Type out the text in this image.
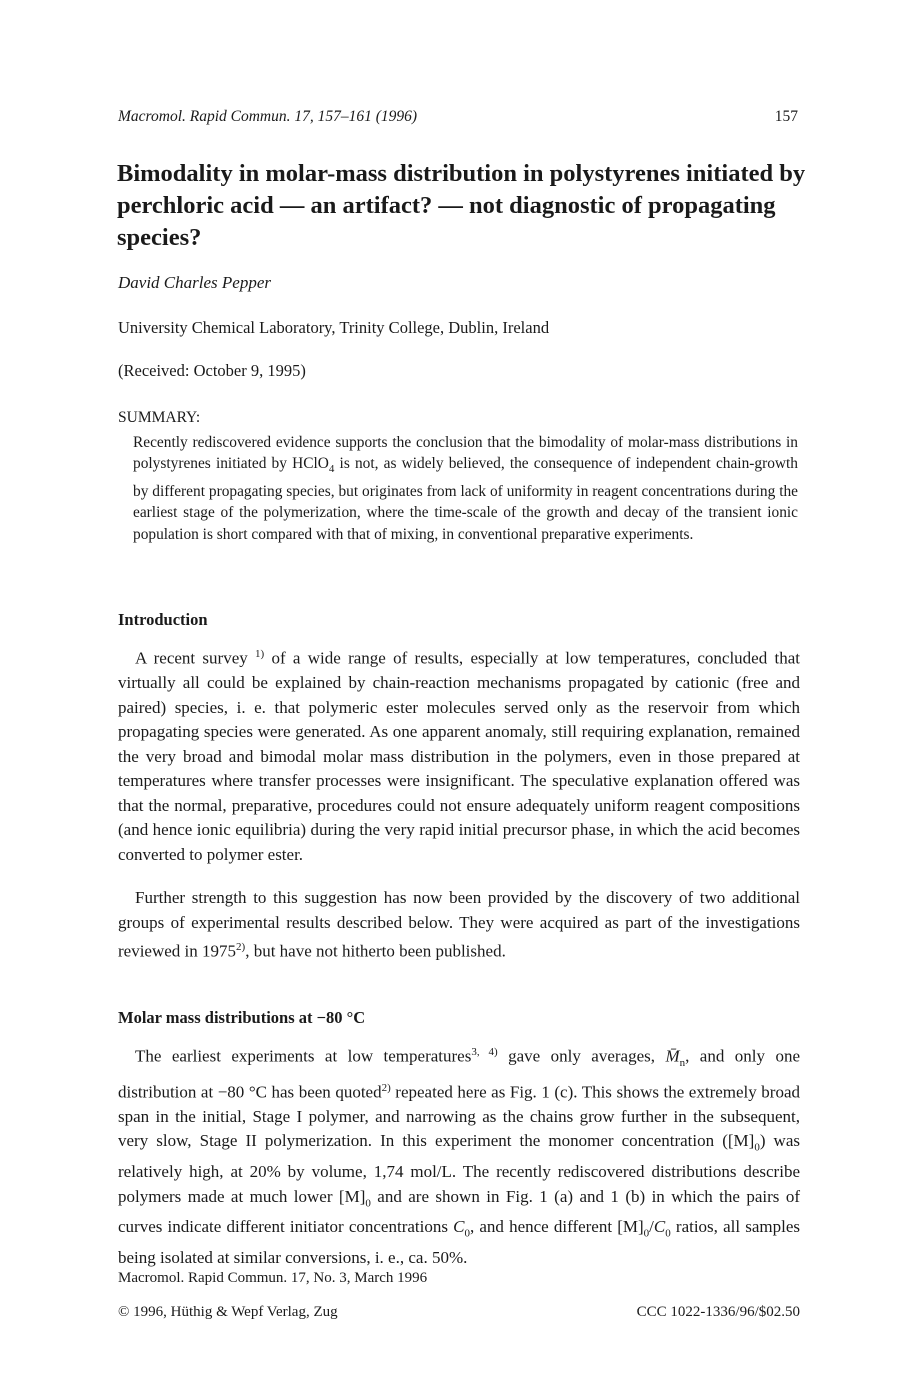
Macromol. Rapid Commun. 17, 157–161 (1996)	157
Bimodality in molar-mass distribution in polystyrenes initiated by perchloric acid — an artifact? — not diagnostic of propagating species?
David Charles Pepper
University Chemical Laboratory, Trinity College, Dublin, Ireland
(Received: October 9, 1995)
SUMMARY:
Recently rediscovered evidence supports the conclusion that the bimodality of molar-mass distributions in polystyrenes initiated by HClO$_4$ is not, as widely believed, the consequence of independent chain-growth by different propagating species, but originates from lack of uniformity in reagent concentrations during the earliest stage of the polymerization, where the time-scale of the growth and decay of the transient ionic population is short compared with that of mixing, in conventional preparative experiments.
Introduction
A recent survey $^{1)}$ of a wide range of results, especially at low temperatures, concluded that virtually all could be explained by chain-reaction mechanisms propagated by cationic (free and paired) species, i. e. that polymeric ester molecules served only as the reservoir from which propagating species were generated. As one apparent anomaly, still requiring explanation, remained the very broad and bimodal molar mass distribution in the polymers, even in those prepared at temperatures where transfer processes were insignificant. The speculative explanation offered was that the normal, preparative, procedures could not ensure adequately uniform reagent compositions (and hence ionic equilibria) during the very rapid initial precursor phase, in which the acid becomes converted to polymer ester.
Further strength to this suggestion has now been provided by the discovery of two additional groups of experimental results described below. They were acquired as part of the investigations reviewed in 1975$^{2)}$, but have not hitherto been published.
Molar mass distributions at −80 °C
The earliest experiments at low temperatures$^{3, 4)}$ gave only averages, $M̄_n$, and only one distribution at −80 °C has been quoted$^{2)}$ repeated here as Fig. 1 (c). This shows the extremely broad span in the initial, Stage I polymer, and narrowing as the chains grow further in the subsequent, very slow, Stage II polymerization. In this experiment the monomer concentration $([M]_0)$ was relatively high, at 20% by volume, 1,74 mol/L. The recently rediscovered distributions describe polymers made at much lower $[M]_0$ and are shown in Fig. 1 (a) and 1 (b) in which the pairs of curves indicate different initiator concentrations $C_0$, and hence different $[M]_0/C_0$ ratios, all samples being isolated at similar conversions, i. e., ca. 50%.
Macromol. Rapid Commun. 17, No. 3, March 1996
© 1996, Hüthig & Wepf Verlag, Zug	CCC 1022-1336/96/$02.50
